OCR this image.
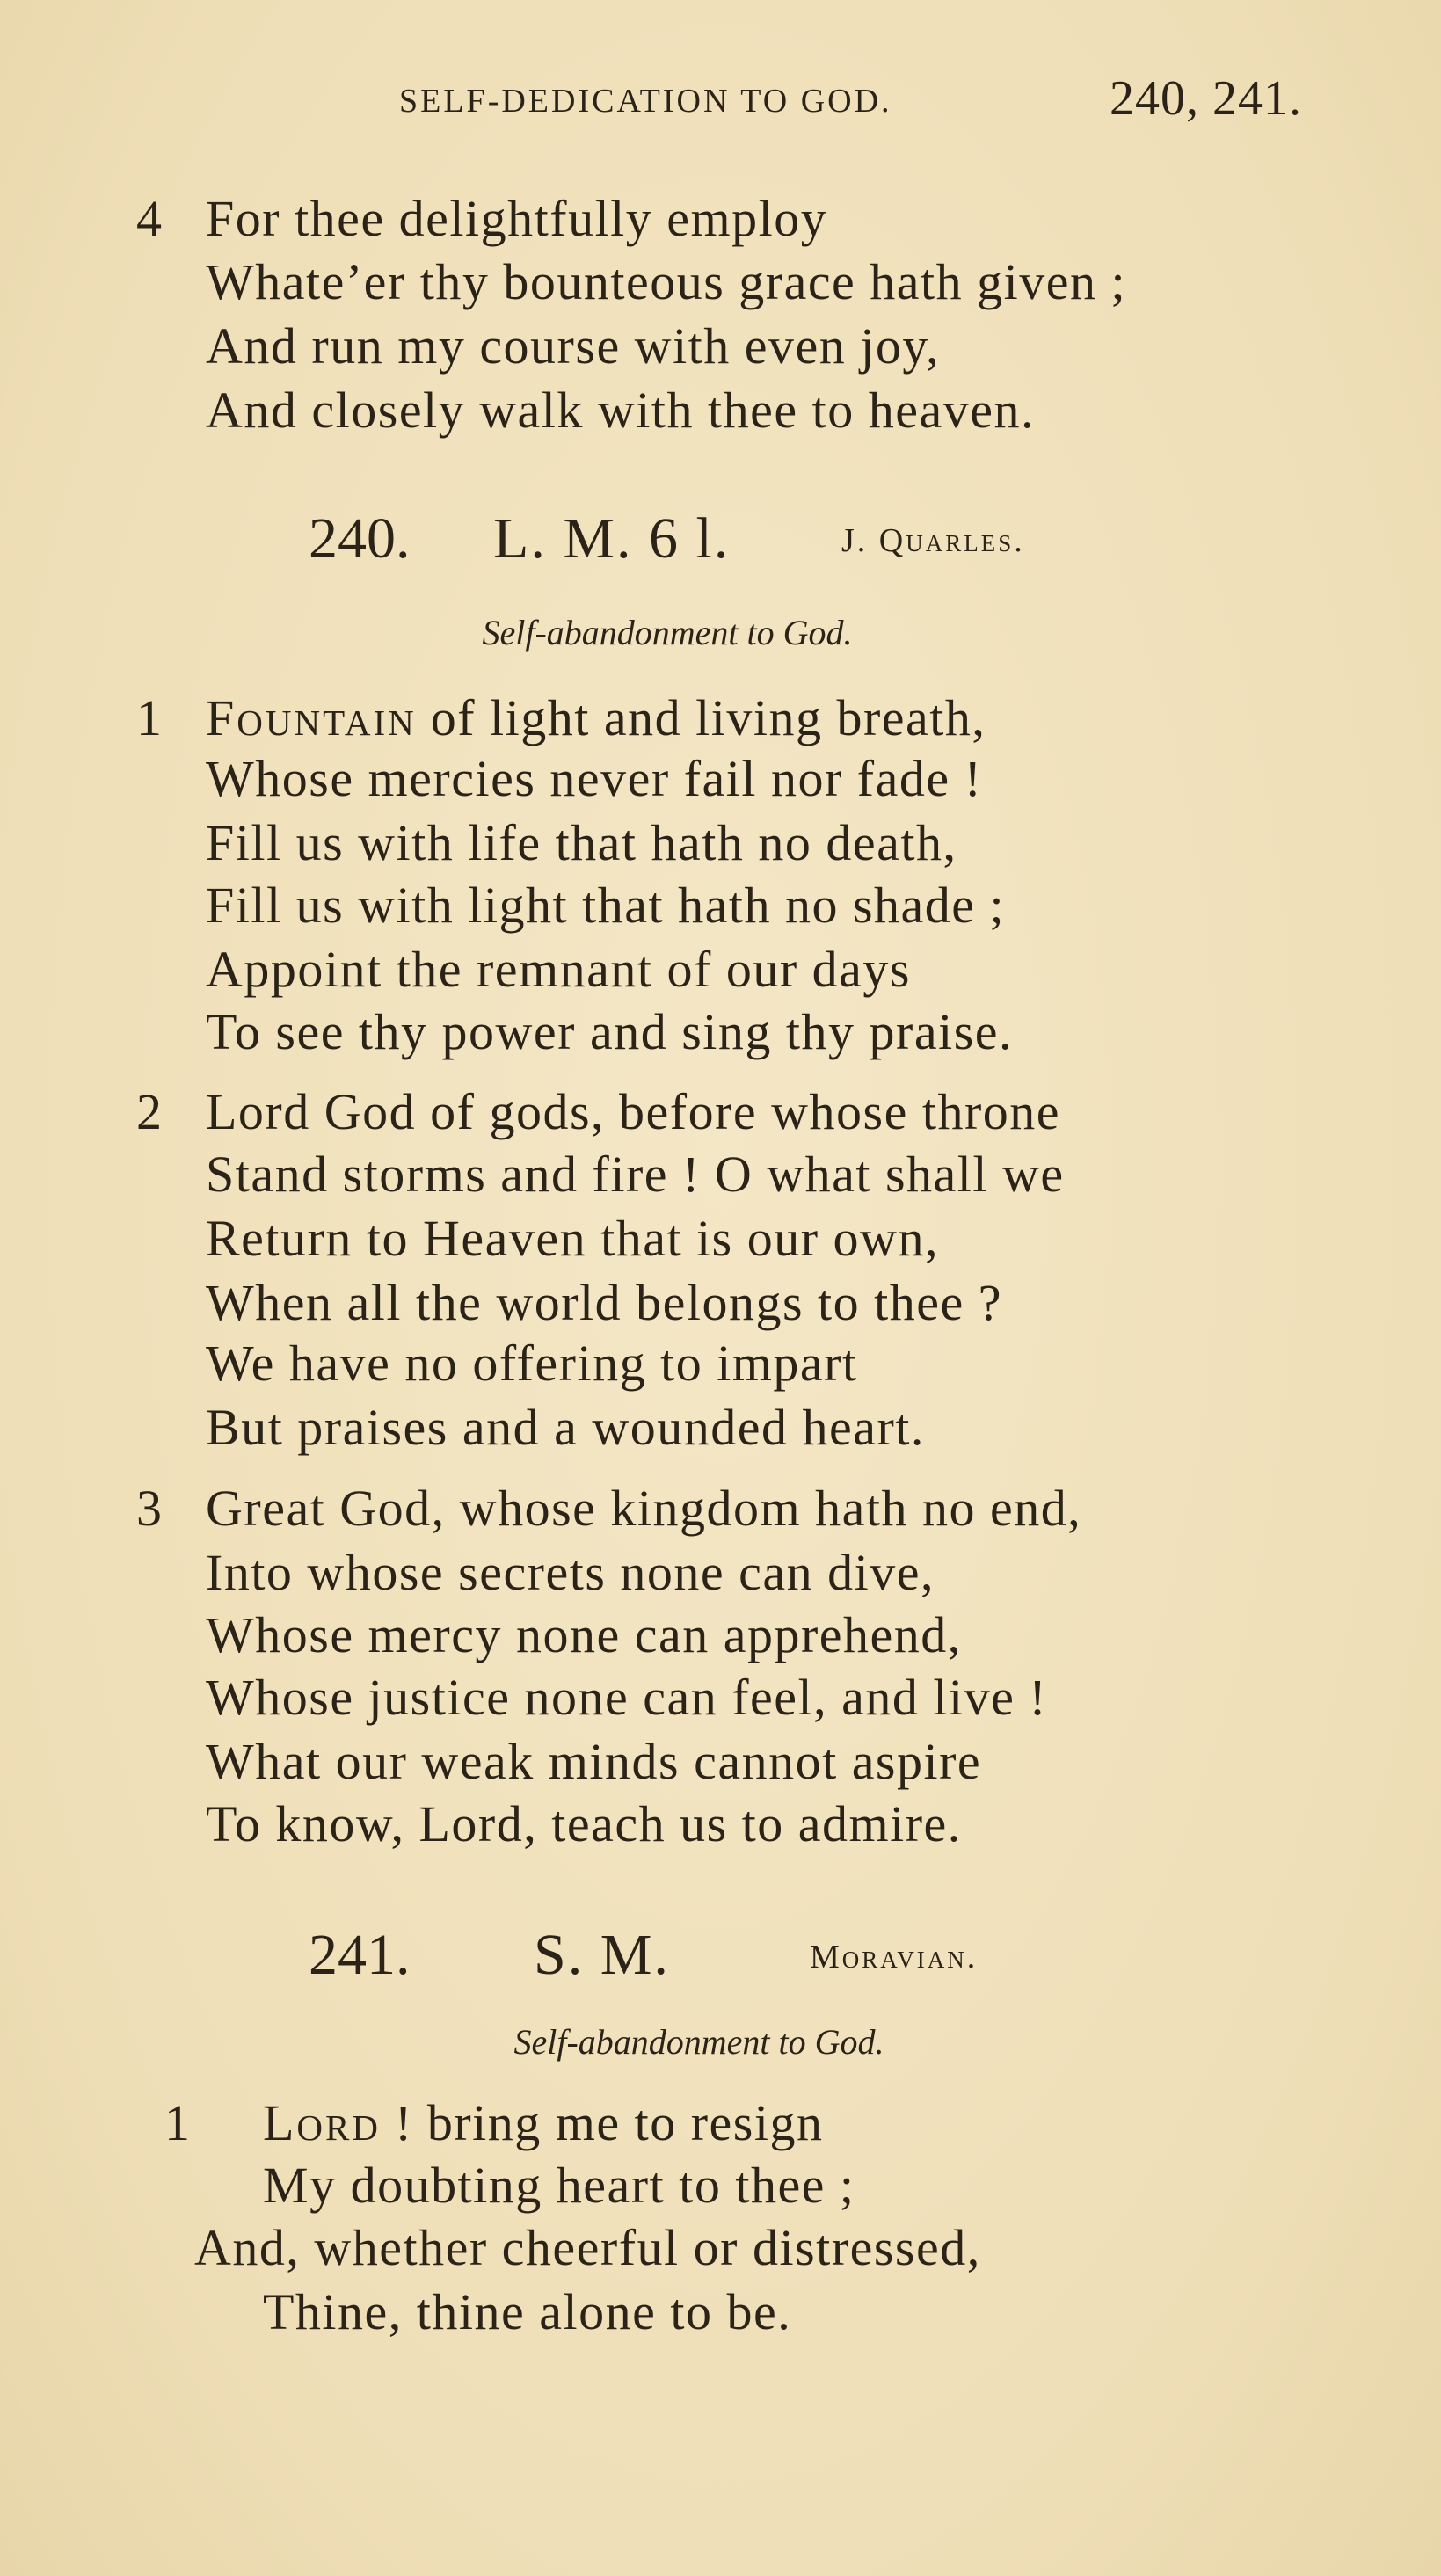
SELF-DEDICATION TO GOD.	240, 241.
4 For thee delightfully employ
Whate’er thy bounteous grace hath given ;
And run my course with even joy,
And closely walk with thee to heaven.
240. L. M. 6 l.	J. Quarles.
Self-abandonment to God.
1 Fountain of light and living breath,
Whose mercies never fail nor fade !
Fill us with life that hath no death,
Fill us with light that hath no shade ;
Appoint the remnant of our days
To see thy power and sing thy praise.
2 Lord God of gods, before whose throne
Stand storms and fire ! O what shall we
Return to Heaven that is our own,
When all the world belongs to thee ?
We have no offering to impart
But praises and a wounded heart.
3 Great God, whose kingdom hath no end,
Into whose secrets none can dive,
Whose mercy none can apprehend,
Whose justice none can feel, and live !
What our weak minds cannot aspire
To know, Lord, teach us to admire.
241. S. M.	Moravian.
Self-abandonment to God.
1 Lord ! bring me to resign
My doubting heart to thee ;
And, whether cheerful or distressed,
Thine, thine alone to be.
